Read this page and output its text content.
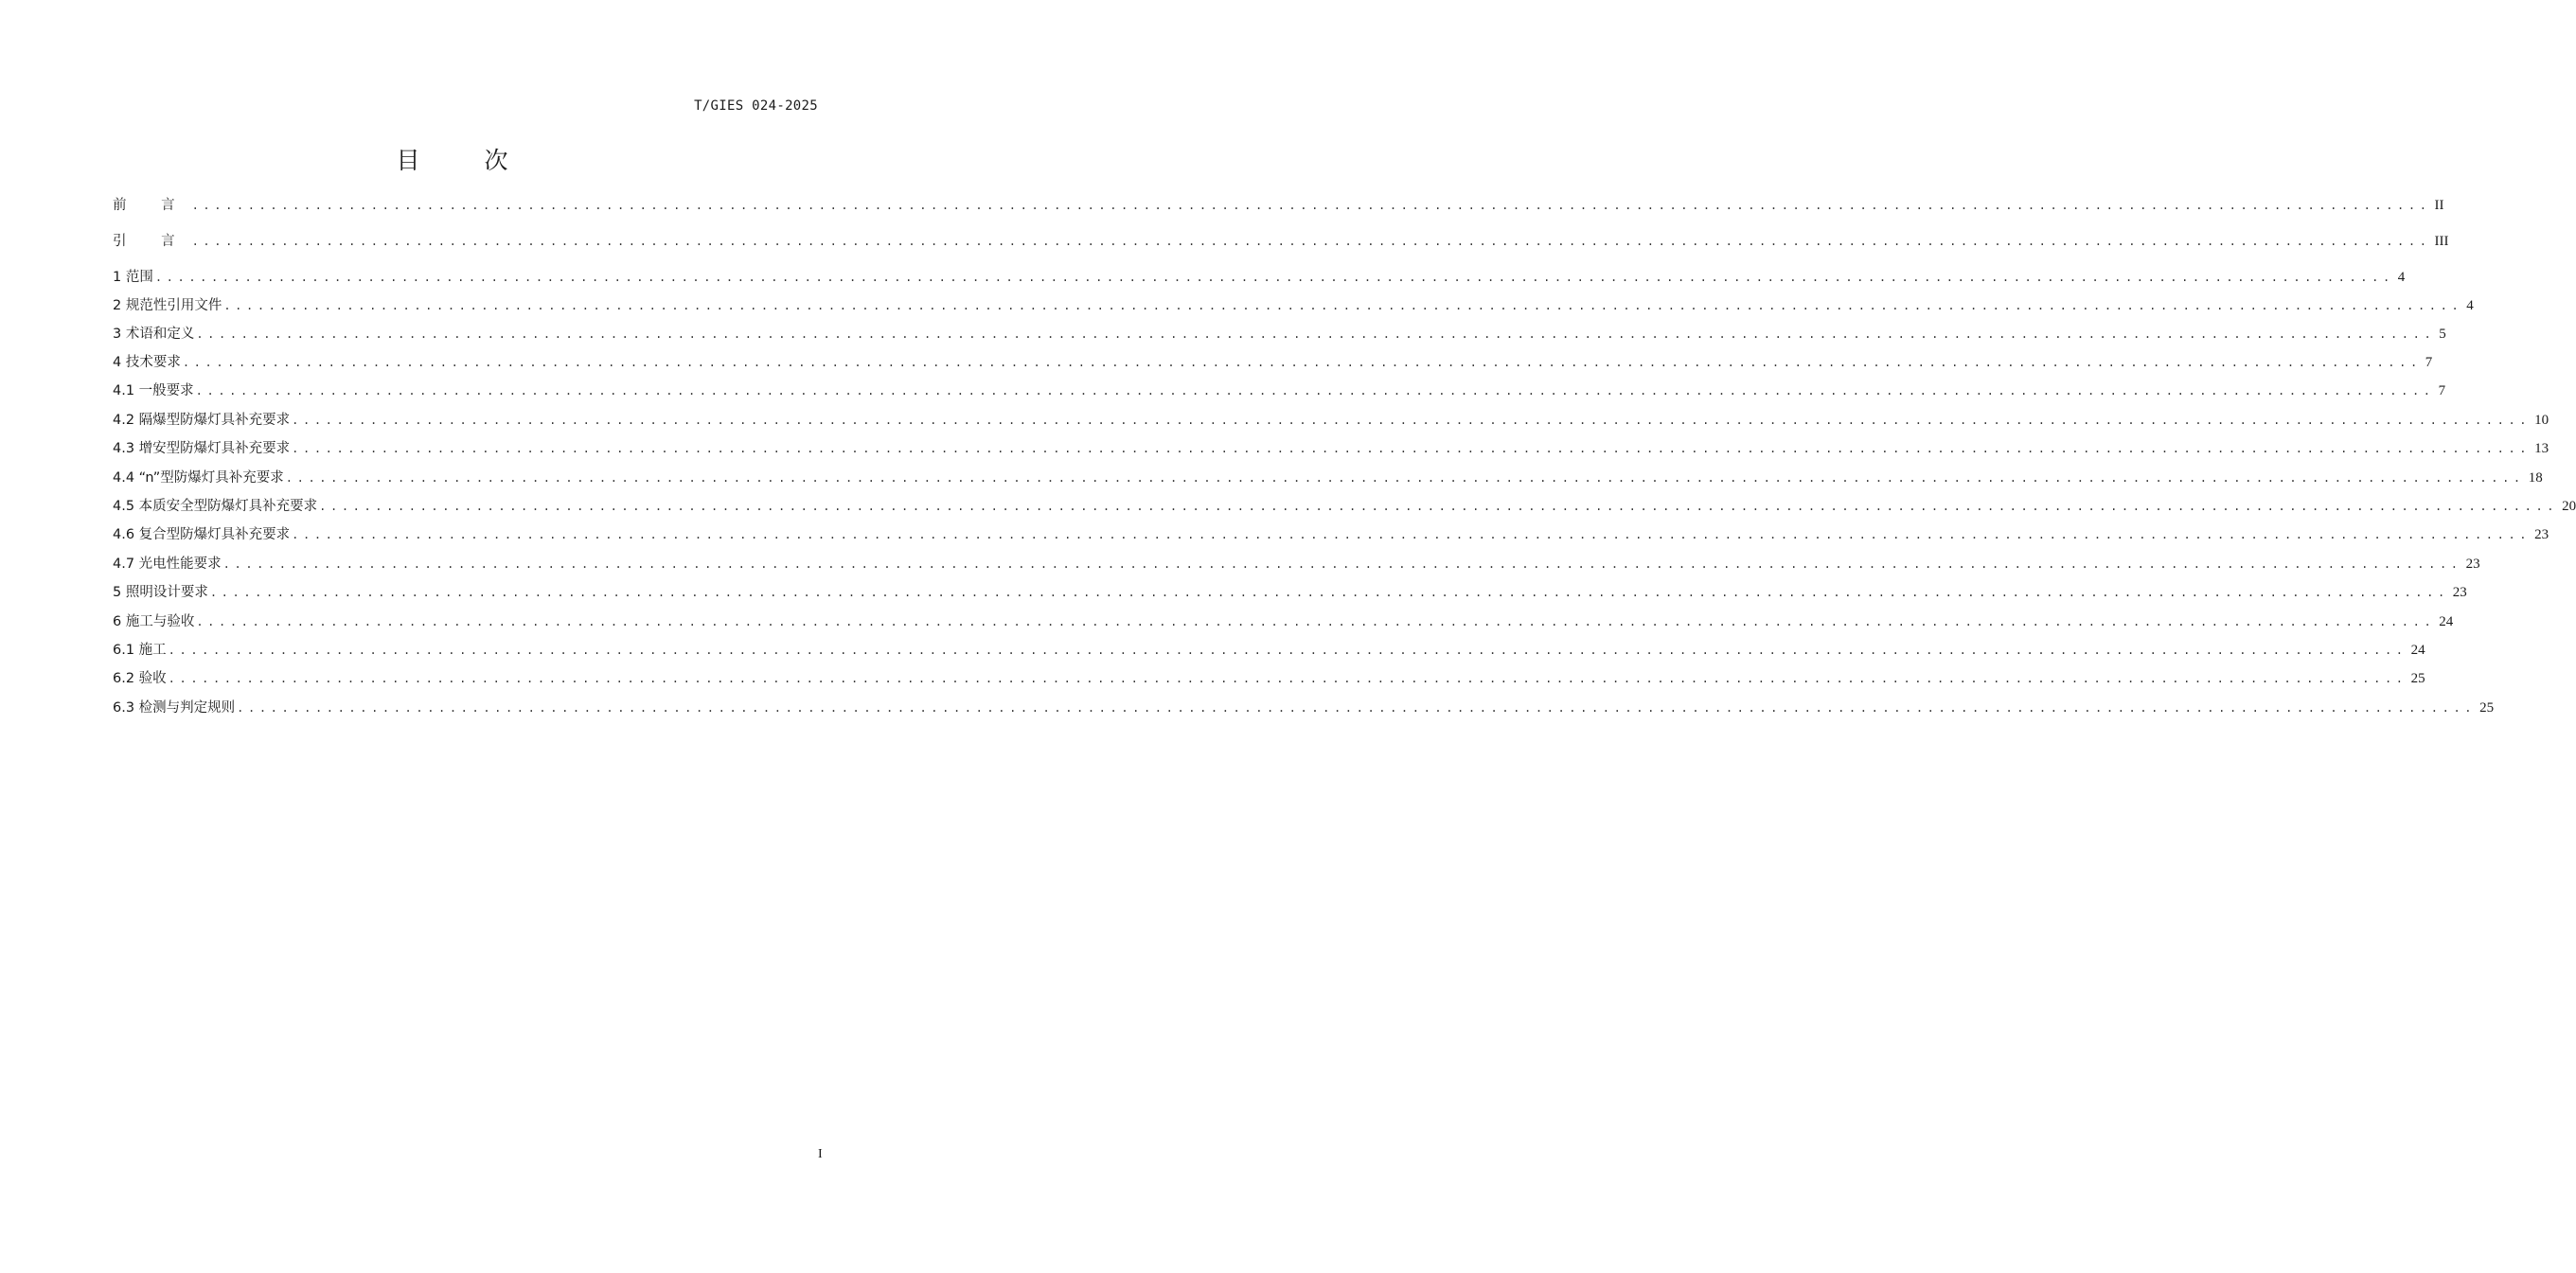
T/GIES 024-2025
目 次
前 言 ........................................................................................................................................................................................................ II
引 言 ........................................................................................................................................................................................................ III
1 范围 ........................................................................................................................................................................................................ 4
2 规范性引用文件 ........................................................................................................................................................................................................ 4
3 术语和定义 ........................................................................................................................................................................................................ 5
4 技术要求 ........................................................................................................................................................................................................ 7
4.1 一般要求 ........................................................................................................................................................................................................ 7
4.2 隔爆型防爆灯具补充要求 ........................................................................................................................................................................................................ 10
4.3 增安型防爆灯具补充要求 ........................................................................................................................................................................................................ 13
4.4 “n”型防爆灯具补充要求 ........................................................................................................................................................................................................ 18
4.5 本质安全型防爆灯具补充要求 ........................................................................................................................................................................................................ 20
4.6 复合型防爆灯具补充要求 ........................................................................................................................................................................................................ 23
4.7 光电性能要求 ........................................................................................................................................................................................................ 23
5 照明设计要求 ........................................................................................................................................................................................................ 23
6 施工与验收 ........................................................................................................................................................................................................ 24
6.1 施工 ........................................................................................................................................................................................................ 24
6.2 验收 ........................................................................................................................................................................................................ 25
6.3 检测与判定规则 ........................................................................................................................................................................................................ 25
I
